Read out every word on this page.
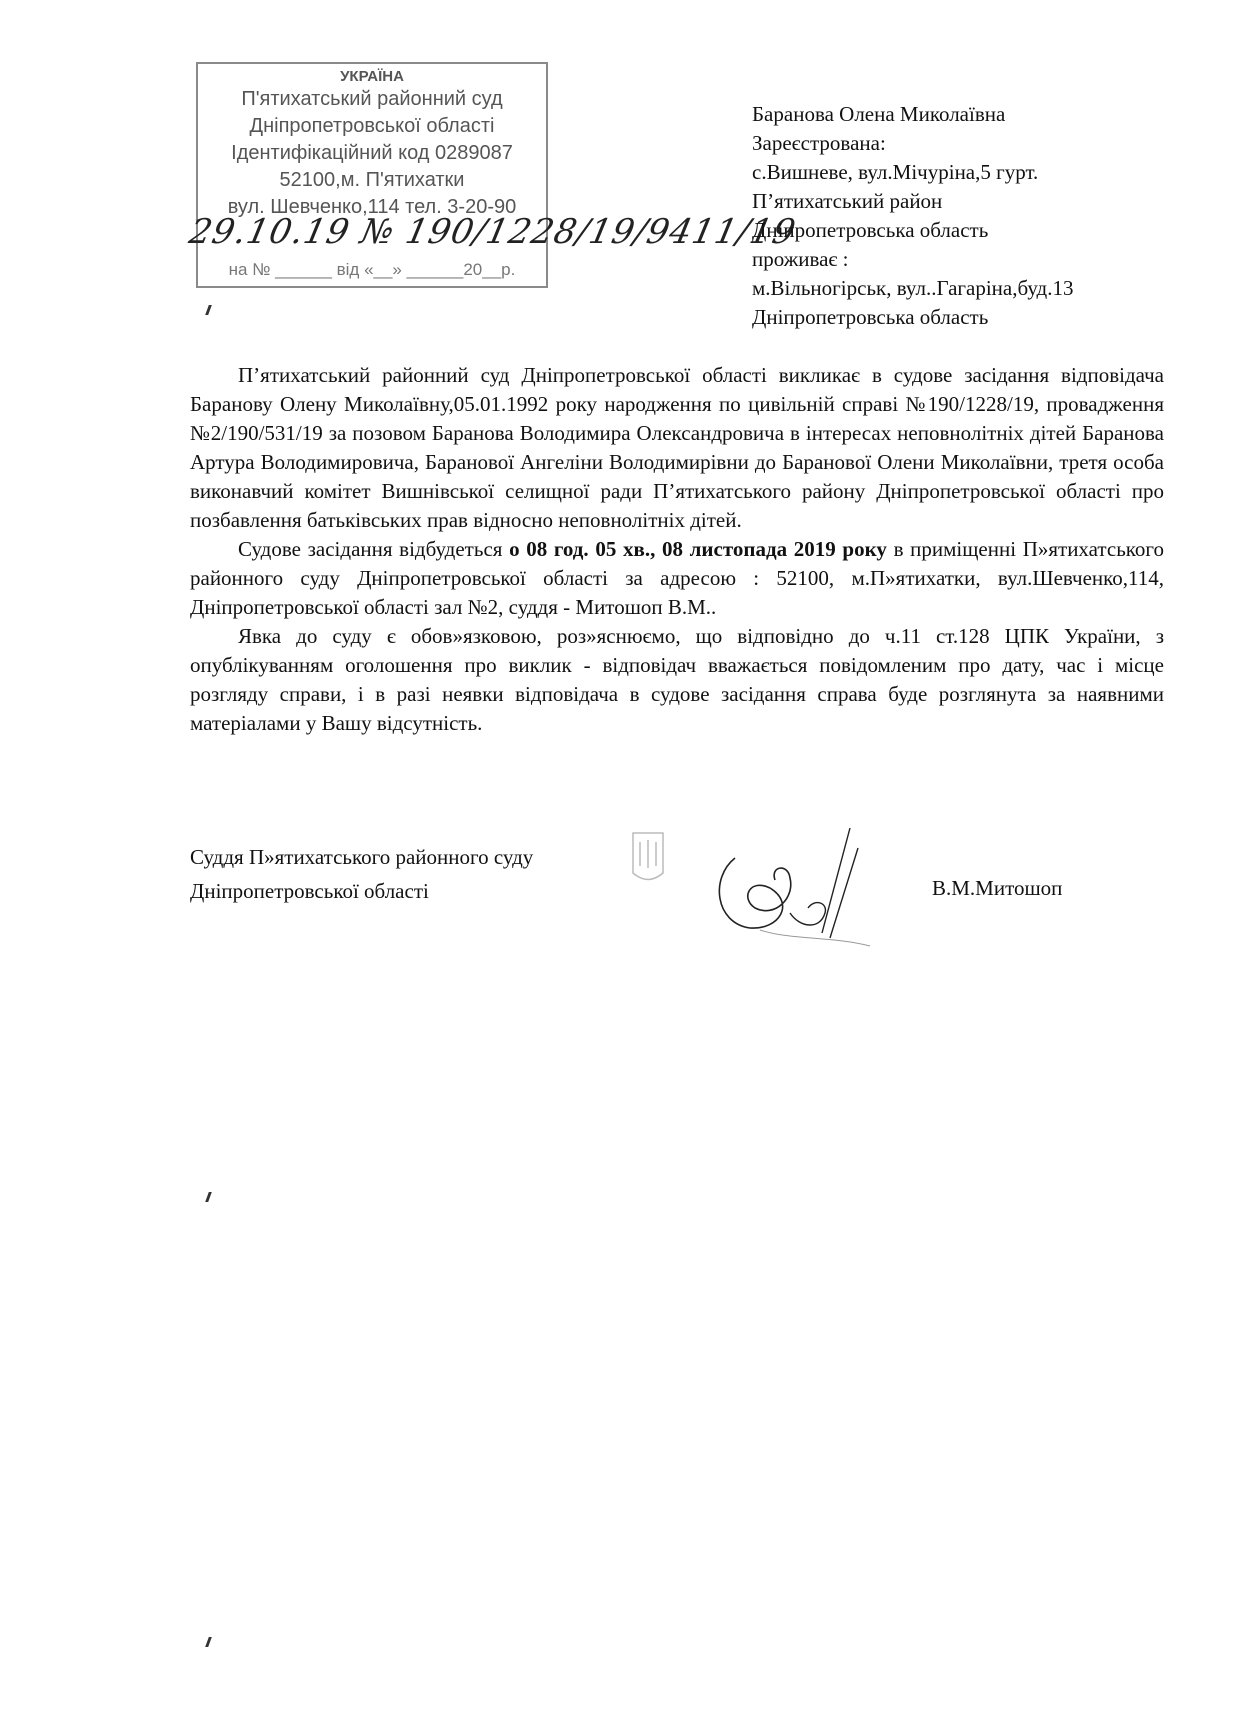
УКРАЇНА
П'ятихатський районний суд
Дніпропетровської області
Ідентифікаційний код 0289087
52100,м. П'ятихатки
вул. Шевченко,114 тел. 3-20-90
на № ______ від «__» ______20__р.
29.10.19 № 190/1228/19/9411/19
Баранова Олена Миколаївна
Зареєстрована:
с.Вишневе, вул.Мічуріна,5 гурт.
П’ятихатський район
Дніпропетровська область
проживає :
м.Вільногірськ, вул..Гагаріна,буд.13
Дніпропетровська область

П’ятихатський районний суд Дніпропетровської області викликає в судове засідання відповідача Баранову Олену Миколаївну,05.01.1992 року народження по цивільній справі №190/1228/19, провадження №2/190/531/19 за позовом Баранова Володимира Олександровича в інтересах неповнолітніх дітей Баранова Артура Володимировича, Баранової Ангеліни Володимирівни до Баранової Олени Миколаївни, третя особа виконавчий комітет Вишнівської селищної ради П’ятихатського району Дніпропетровської області про позбавлення батьківських прав відносно неповнолітніх дітей.

Судове засідання відбудеться о 08 год. 05 хв., 08 листопада 2019 року в приміщенні П»ятихатського районного суду Дніпропетровської області за адресою : 52100, м.П»ятихатки, вул.Шевченко,114, Дніпропетровської області зал №2, суддя - Митошоп В.М..

Явка до суду є обов»язковою, роз»яснюємо, що відповідно до ч.11 ст.128 ЦПК України, з опублікуванням оголошення про виклик - відповідач вважається повідомленим про дату, час і місце розгляду справи, і в разі неявки відповідача в судове засідання справа буде розглянута за наявними матеріалами у Вашу відсутність.

Суддя П»ятихатського районного суду
Дніпропетровської області	В.М.Митошоп
